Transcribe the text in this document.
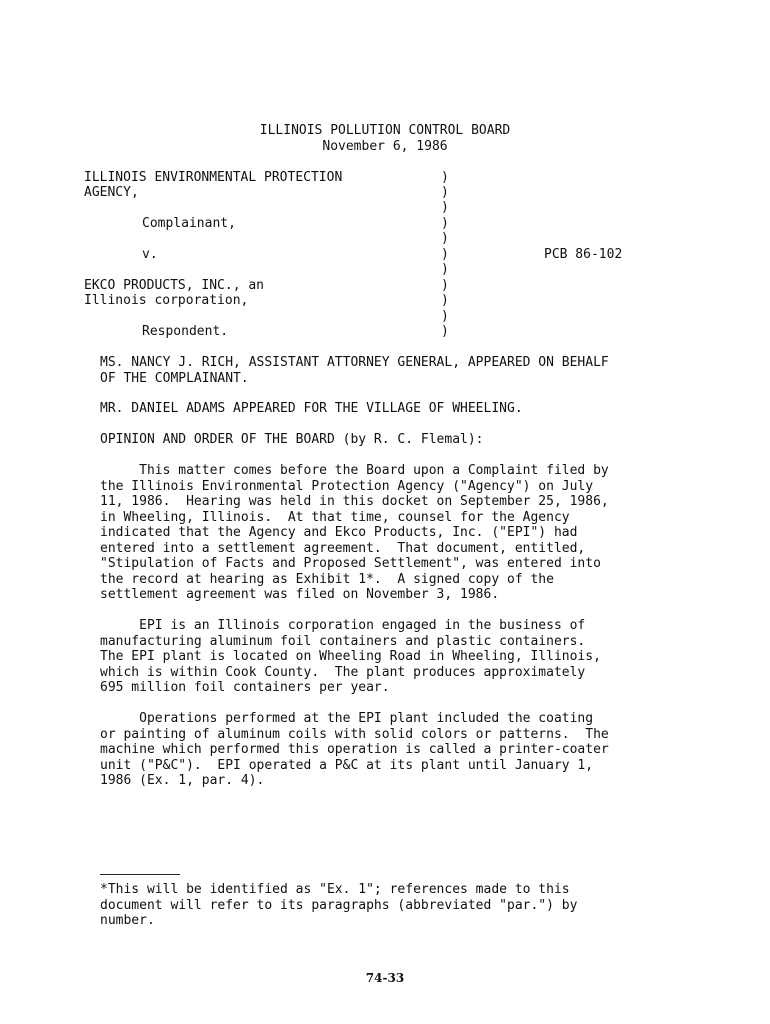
ILLINOIS POLLUTION CONTROL BOARD
November 6, 1986
ILLINOIS ENVIRONMENTAL PROTECTION
AGENCY,
Complainant,
v.	PCB 86-102
EKCO PRODUCTS, INC., an
Illinois corporation,
Respondent.
)
)
)
)
)
)
)
)
)
)
)
MS. NANCY J. RICH, ASSISTANT ATTORNEY GENERAL, APPEARED ON BEHALF
OF THE COMPLAINANT.
MR. DANIEL ADAMS APPEARED FOR THE VILLAGE OF WHEELING.
OPINION AND ORDER OF THE BOARD (by R. C. Flemal):
This matter comes before the Board upon a Complaint filed by
the Illinois Environmental Protection Agency ("Agency") on July
11, 1986.  Hearing was held in this docket on September 25, 1986,
in Wheeling, Illinois.  At that time, counsel for the Agency
indicated that the Agency and Ekco Products, Inc. ("EPI") had
entered into a settlement agreement.  That document, entitled,
"Stipulation of Facts and Proposed Settlement", was entered into
the record at hearing as Exhibit 1*.  A signed copy of the
settlement agreement was filed on November 3, 1986.
EPI is an Illinois corporation engaged in the business of
manufacturing aluminum foil containers and plastic containers.
The EPI plant is located on Wheeling Road in Wheeling, Illinois,
which is within Cook County.  The plant produces approximately
695 million foil containers per year.
Operations performed at the EPI plant included the coating
or painting of aluminum coils with solid colors or patterns.  The
machine which performed this operation is called a printer-coater
unit ("P&C").  EPI operated a P&C at its plant until January 1,
1986 (Ex. 1, par. 4).
*This will be identified as "Ex. 1"; references made to this
document will refer to its paragraphs (abbreviated "par.") by
number.
74-33
